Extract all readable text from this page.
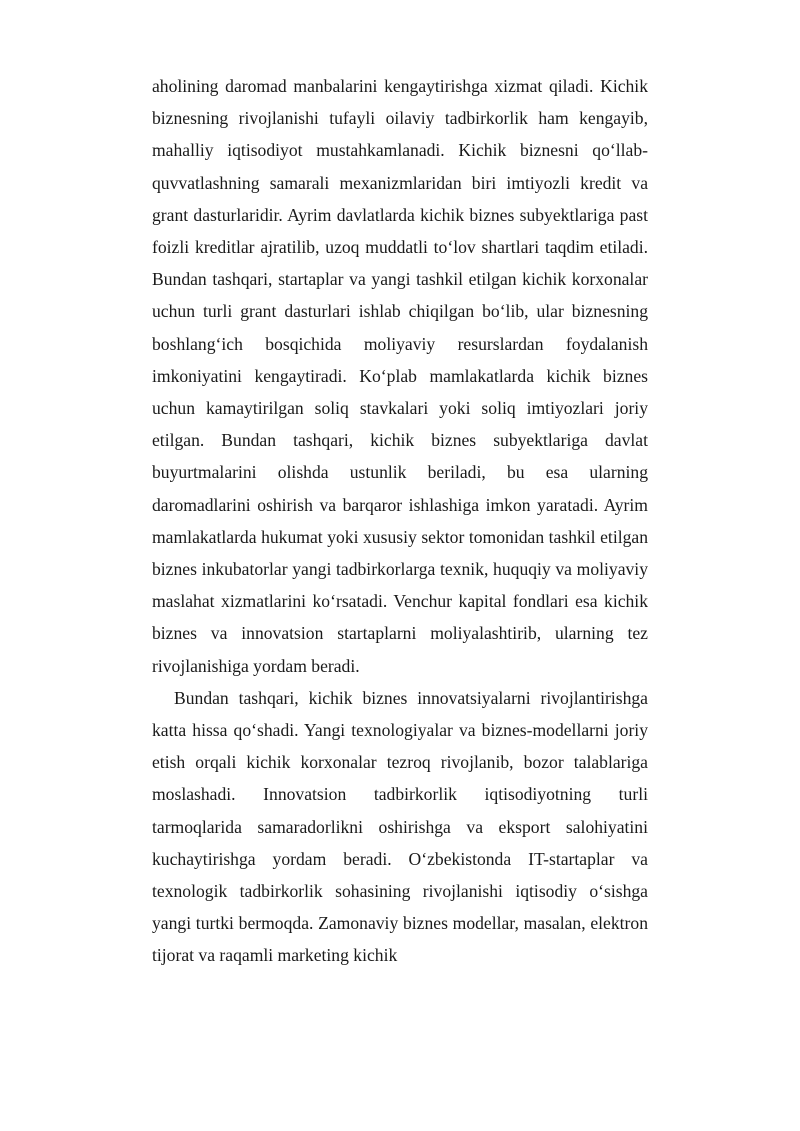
aholining daromad manbalarini kengaytirishga xizmat qiladi. Kichik biznesning rivojlanishi tufayli oilaviy tadbirkorlik ham kengayib, mahalliy iqtisodiyot mustahkamlanadi. Kichik biznesni qo‘llab-quvvatlashning samarali mexanizmlaridan biri imtiyozli kredit va grant dasturlaridir. Ayrim davlatlarda kichik biznes subyektlariga past foizli kreditlar ajratilib, uzoq muddatli to‘lov shartlari taqdim etiladi. Bundan tashqari, startaplar va yangi tashkil etilgan kichik korxonalar uchun turli grant dasturlari ishlab chiqilgan bo‘lib, ular biznesning boshlang‘ich bosqichida moliyaviy resurslardan foydalanish imkoniyatini kengaytiradi. Ko‘plab mamlakatlarda kichik biznes uchun kamaytirilgan soliq stavkalari yoki soliq imtiyozlari joriy etilgan. Bundan tashqari, kichik biznes subyektlariga davlat buyurtmalarini olishda ustunlik beriladi, bu esa ularning daromadlarini oshirish va barqaror ishlashiga imkon yaratadi. Ayrim mamlakatlarda hukumat yoki xususiy sektor tomonidan tashkil etilgan biznes inkubatorlar yangi tadbirkorlarga texnik, huquqiy va moliyaviy maslahat xizmatlarini ko‘rsatadi. Venchur kapital fondlari esa kichik biznes va innovatsion startaplarni moliyalashtirib, ularning tez rivojlanishiga yordam beradi.

Bundan tashqari, kichik biznes innovatsiyalarni rivojlantirishga katta hissa qo‘shadi. Yangi texnologiyalar va biznes-modellarni joriy etish orqali kichik korxonalar tezroq rivojlanib, bozor talablariga moslashadi. Innovatsion tadbirkorlik iqtisodiyotning turli tarmoqlarida samaradorlikni oshirishga va eksport salohiyatini kuchaytirishga yordam beradi. O‘zbekistonda IT-startaplar va texnologik tadbirkorlik sohasining rivojlanishi iqtisodiy o‘sishga yangi turtki bermoqda. Zamonaviy biznes modellar, masalan, elektron tijorat va raqamli marketing kichik
